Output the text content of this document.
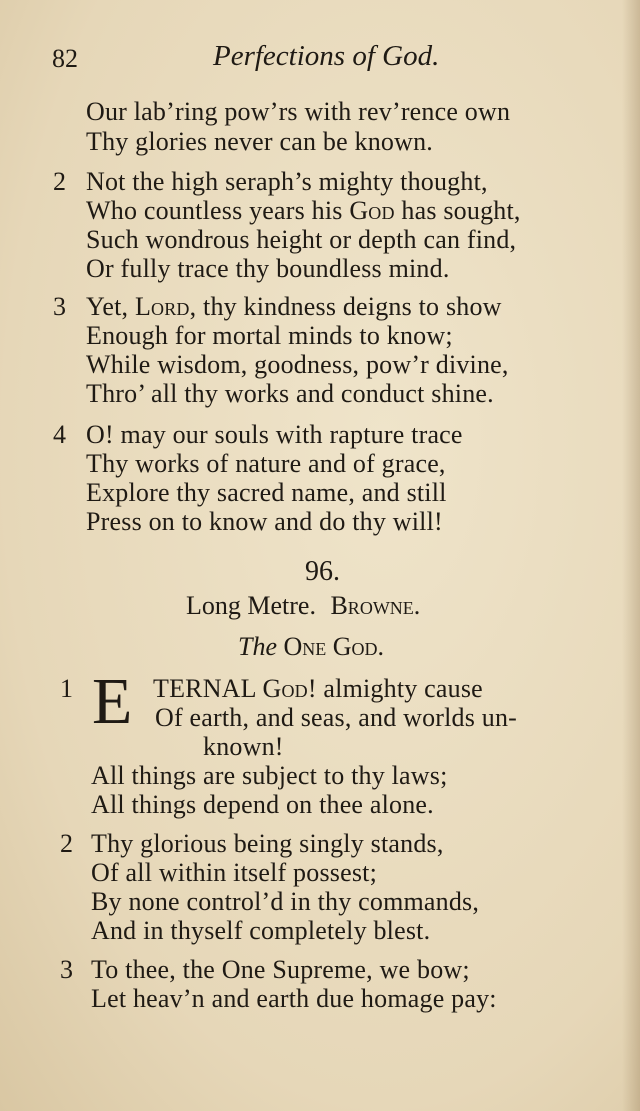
82	Perfections of God.
Our lab’ring pow’rs with rev’rence own
Thy glories never can be known.
2 Not the high seraph’s mighty thought,
Who countless years his God has sought,
Such wondrous height or depth can find,
Or fully trace thy boundless mind.
3 Yet, Lord, thy kindness deigns to show
Enough for mortal minds to know;
While wisdom, goodness, pow’r divine,
Thro’ all thy works and conduct shine.
4 O! may our souls with rapture trace
Thy works of nature and of grace,
Explore thy sacred name, and still
Press on to know and do thy will!
96.
Long Metre. Browne.
The One God.
1 E TERNAL God! almighty cause
Of earth, and seas, and worlds un-
known!
All things are subject to thy laws;
All things depend on thee alone.
2 Thy glorious being singly stands,
Of all within itself possest;
By none control’d in thy commands,
And in thyself completely blest.
3 To thee, the One Supreme, we bow;
Let heav’n and earth due homage pay:
